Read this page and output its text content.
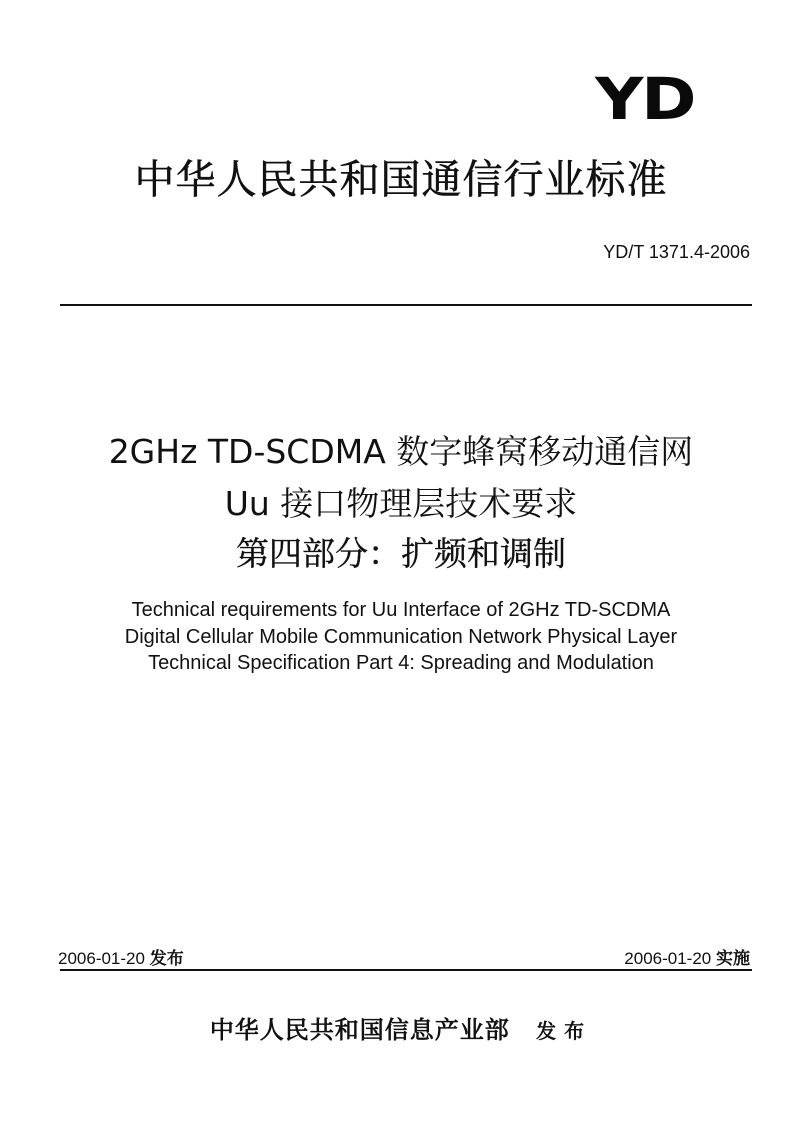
YD
中华人民共和国通信行业标准
YD/T 1371.4-2006
2GHz TD-SCDMA 数字蜂窝移动通信网
Uu 接口物理层技术要求
第四部分：扩频和调制
Technical requirements for Uu Interface of 2GHz TD-SCDMA
Digital Cellular Mobile Communication Network Physical Layer
Technical Specification Part 4: Spreading and Modulation
2006-01-20 发布	2006-01-20 实施
中华人民共和国信息产业部 发布
